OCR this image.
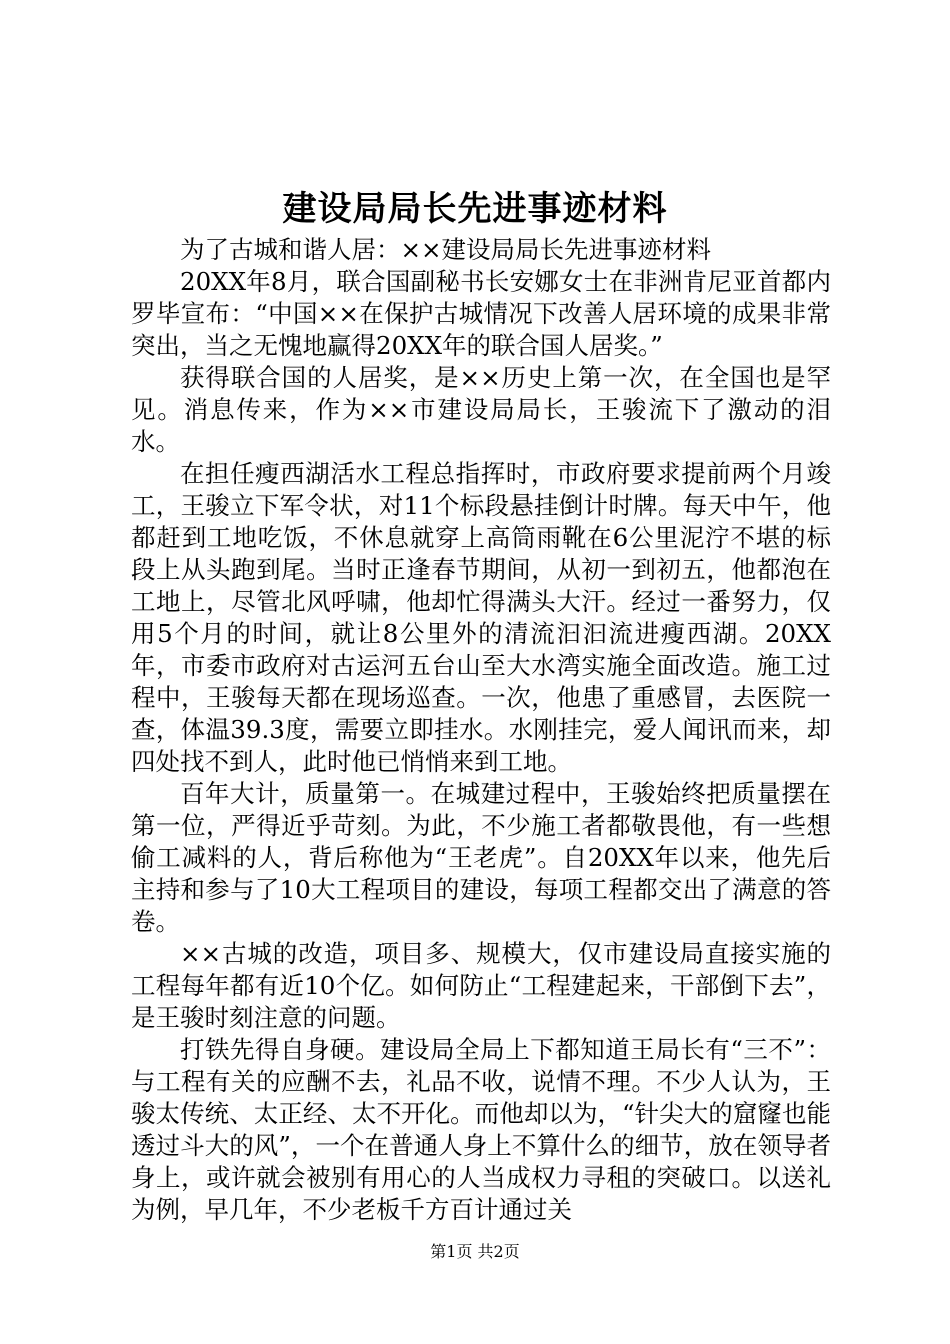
建设局局长先进事迹材料

为了古城和谐人居：××建设局局长先进事迹材料

20XX年8月，联合国副秘书长安娜女士在非洲肯尼亚首都内罗毕宣布：“中国××在保护古城情况下改善人居环境的成果非常突出，当之无愧地赢得20XX年的联合国人居奖。”

获得联合国的人居奖，是××历史上第一次，在全国也是罕见。消息传来，作为××市建设局局长，王骏流下了激动的泪水。

在担任瘦西湖活水工程总指挥时，市政府要求提前两个月竣工，王骏立下军令状，对11个标段悬挂倒计时牌。每天中午，他都赶到工地吃饭，不休息就穿上高筒雨靴在6公里泥泞不堪的标段上从头跑到尾。当时正逢春节期间，从初一到初五，他都泡在工地上，尽管北风呼啸，他却忙得满头大汗。经过一番努力，仅用5个月的时间，就让8公里外的清流汩汩流进瘦西湖。20XX年，市委市政府对古运河五台山至大水湾实施全面改造。施工过程中，王骏每天都在现场巡查。一次，他患了重感冒，去医院一查，体温39.3度，需要立即挂水。水刚挂完，爱人闻讯而来，却四处找不到人，此时他已悄悄来到工地。

百年大计，质量第一。在城建过程中，王骏始终把质量摆在第一位，严得近乎苛刻。为此，不少施工者都敬畏他，有一些想偷工减料的人，背后称他为“王老虎”。自20XX年以来，他先后主持和参与了10大工程项目的建设，每项工程都交出了满意的答卷。

××古城的改造，项目多、规模大，仅市建设局直接实施的工程每年都有近10个亿。如何防止“工程建起来，干部倒下去”，是王骏时刻注意的问题。

打铁先得自身硬。建设局全局上下都知道王局长有“三不”：与工程有关的应酬不去，礼品不收，说情不理。不少人认为，王骏太传统、太正经、太不开化。而他却以为，“针尖大的窟窿也能透过斗大的风”，一个在普通人身上不算什么的细节，放在领导者身上，或许就会被别有用心的人当成权力寻租的突破口。以送礼为例，早几年，不少老板千方百计通过关

第1页 共2页
